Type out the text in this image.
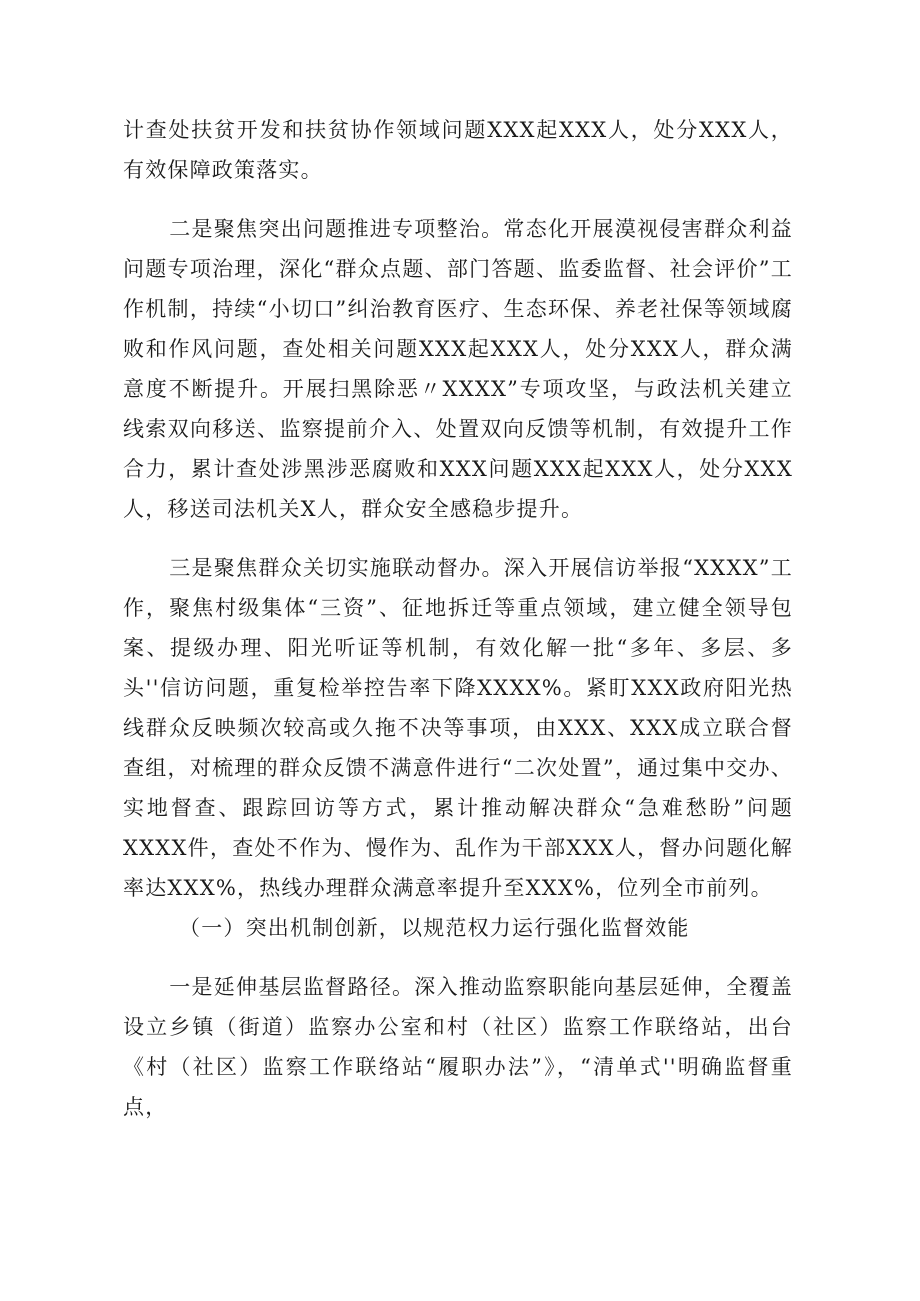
计查处扶贫开发和扶贫协作领域问题XXX起XXX人，处分XXX人，有效保障政策落实。

二是聚焦突出问题推进专项整治。常态化开展漠视侵害群众利益问题专项治理，深化“群众点题、部门答题、监委监督、社会评价”工作机制，持续“小切口”纠治教育医疗、生态环保、养老社保等领域腐败和作风问题，查处相关问题XXX起XXX人，处分XXX人，群众满意度不断提升。开展扫黑除恶〃XXXX”专项攻坚，与政法机关建立线索双向移送、监察提前介入、处置双向反馈等机制，有效提升工作合力，累计查处涉黑涉恶腐败和XXX问题XXX起XXX人，处分XXX人，移送司法机关X人，群众安全感稳步提升。

三是聚焦群众关切实施联动督办。深入开展信访举报“XXXX”工作，聚焦村级集体“三资”、征地拆迁等重点领域，建立健全领导包案、提级办理、阳光听证等机制，有效化解一批“多年、多层、多头''信访问题，重复检举控告率下降XXXX%。紧盯XXX政府阳光热线群众反映频次较高或久拖不决等事项，由XXX、XXX成立联合督查组，对梳理的群众反馈不满意件进行“二次处置”，通过集中交办、实地督查、跟踪回访等方式，累计推动解决群众“急难愁盼”问题XXXX件，查处不作为、慢作为、乱作为干部XXX人，督办问题化解率达XXX%，热线办理群众满意率提升至XXX%，位列全市前列。

（一）突出机制创新，以规范权力运行强化监督效能

一是延伸基层监督路径。深入推动监察职能向基层延伸，全覆盖设立乡镇（街道）监察办公室和村（社区）监察工作联络站，出台《村（社区）监察工作联络站“履职办法”》，“清单式''明确监督重点，
